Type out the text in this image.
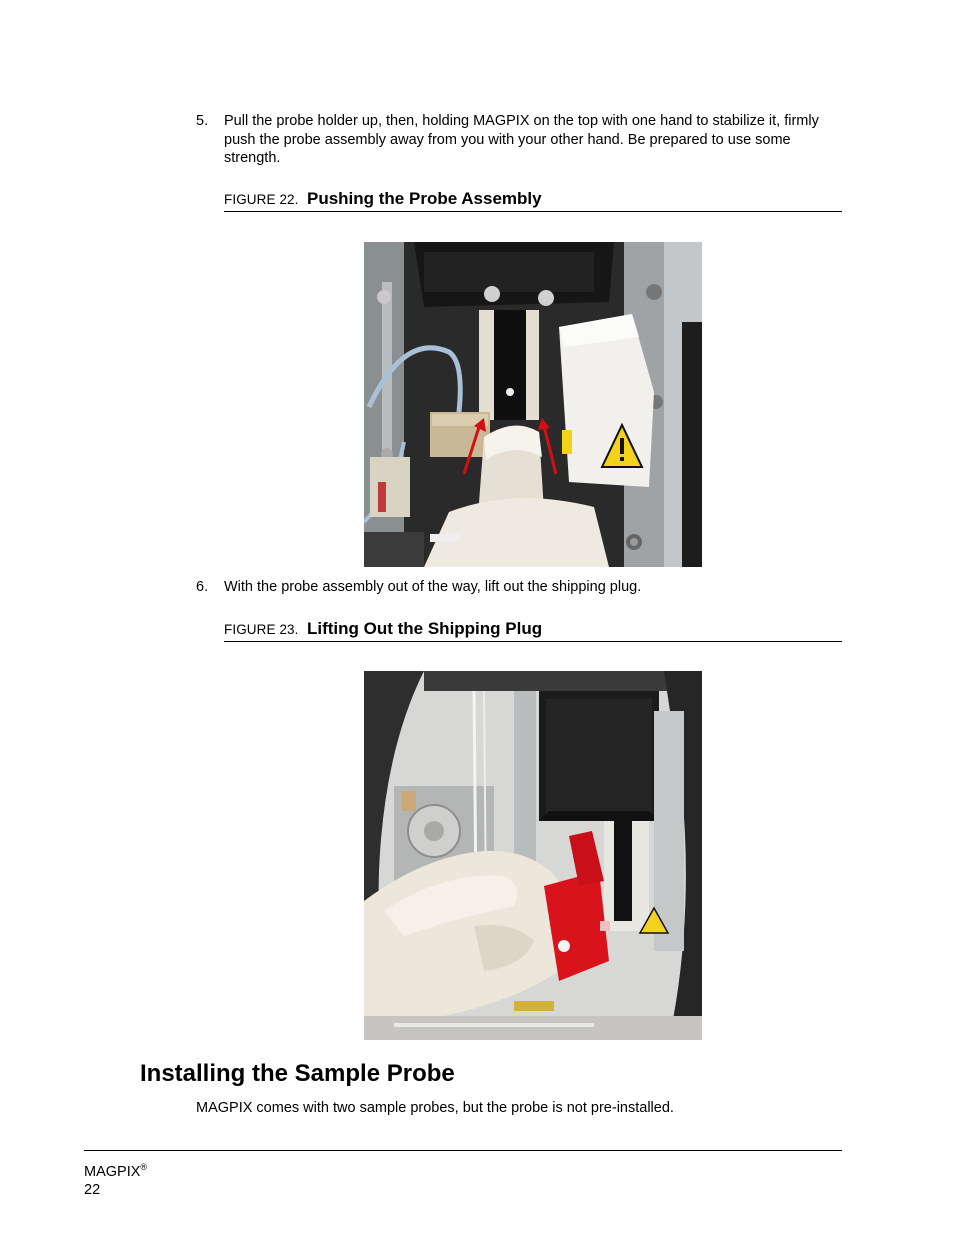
5. Pull the probe holder up, then, holding MAGPIX on the top with one hand to stabilize it, firmly push the probe assembly away from you with your other hand. Be prepared to use some strength.
FIGURE 22. Pushing the Probe Assembly
6. With the probe assembly out of the way, lift out the shipping plug.
FIGURE 23. Lifting Out the Shipping Plug
Installing the Sample Probe
MAGPIX comes with two sample probes, but the probe is not pre-installed.
MAGPIX®
22
